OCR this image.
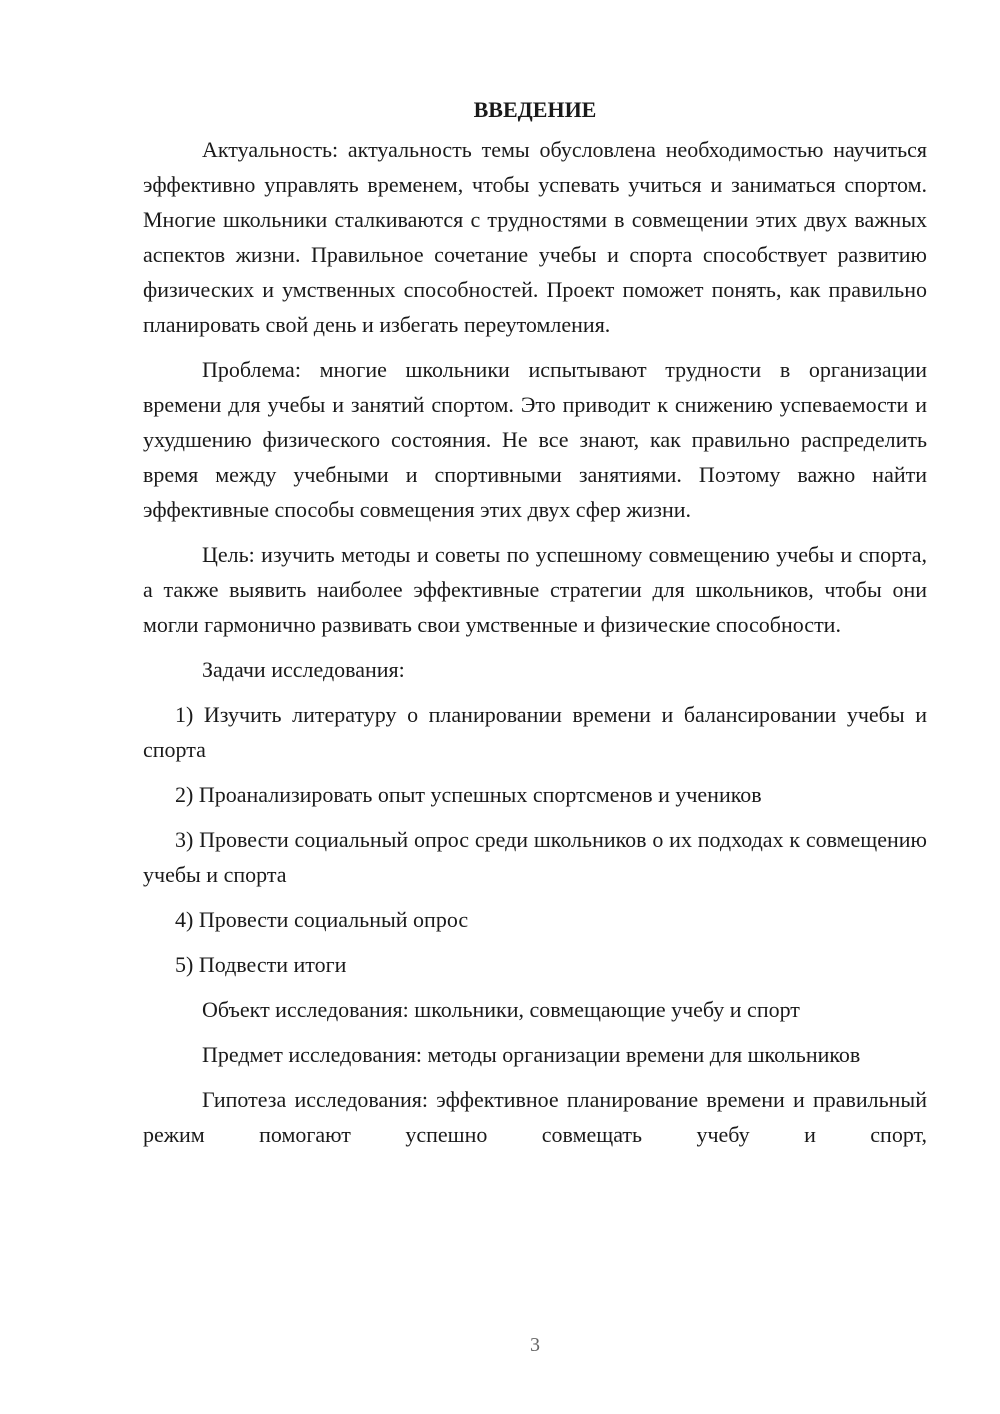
ВВЕДЕНИЕ

Актуальность: актуальность темы обусловлена необходимостью научиться эффективно управлять временем, чтобы успевать учиться и заниматься спортом. Многие школьники сталкиваются с трудностями в совмещении этих двух важных аспектов жизни. Правильное сочетание учебы и спорта способствует развитию физических и умственных способностей. Проект поможет понять, как правильно планировать свой день и избегать переутомления.

Проблема: многие школьники испытывают трудности в организации времени для учебы и занятий спортом. Это приводит к снижению успеваемости и ухудшению физического состояния. Не все знают, как правильно распределить время между учебными и спортивными занятиями. Поэтому важно найти эффективные способы совмещения этих двух сфер жизни.

Цель: изучить методы и советы по успешному совмещению учебы и спорта, а также выявить наиболее эффективные стратегии для школьников, чтобы они могли гармонично развивать свои умственные и физические способности.

Задачи исследования:

1) Изучить литературу о планировании времени и балансировании учебы и спорта

2) Проанализировать опыт успешных спортсменов и учеников

3) Провести социальный опрос среди школьников о их подходах к совмещению учебы и спорта

4) Провести социальный опрос

5) Подвести итоги

Объект исследования: школьники, совмещающие учебу и спорт

Предмет исследования: методы организации времени для школьников

Гипотеза исследования: эффективное планирование времени и правильный режим помогают успешно совмещать учебу и спорт,

3
